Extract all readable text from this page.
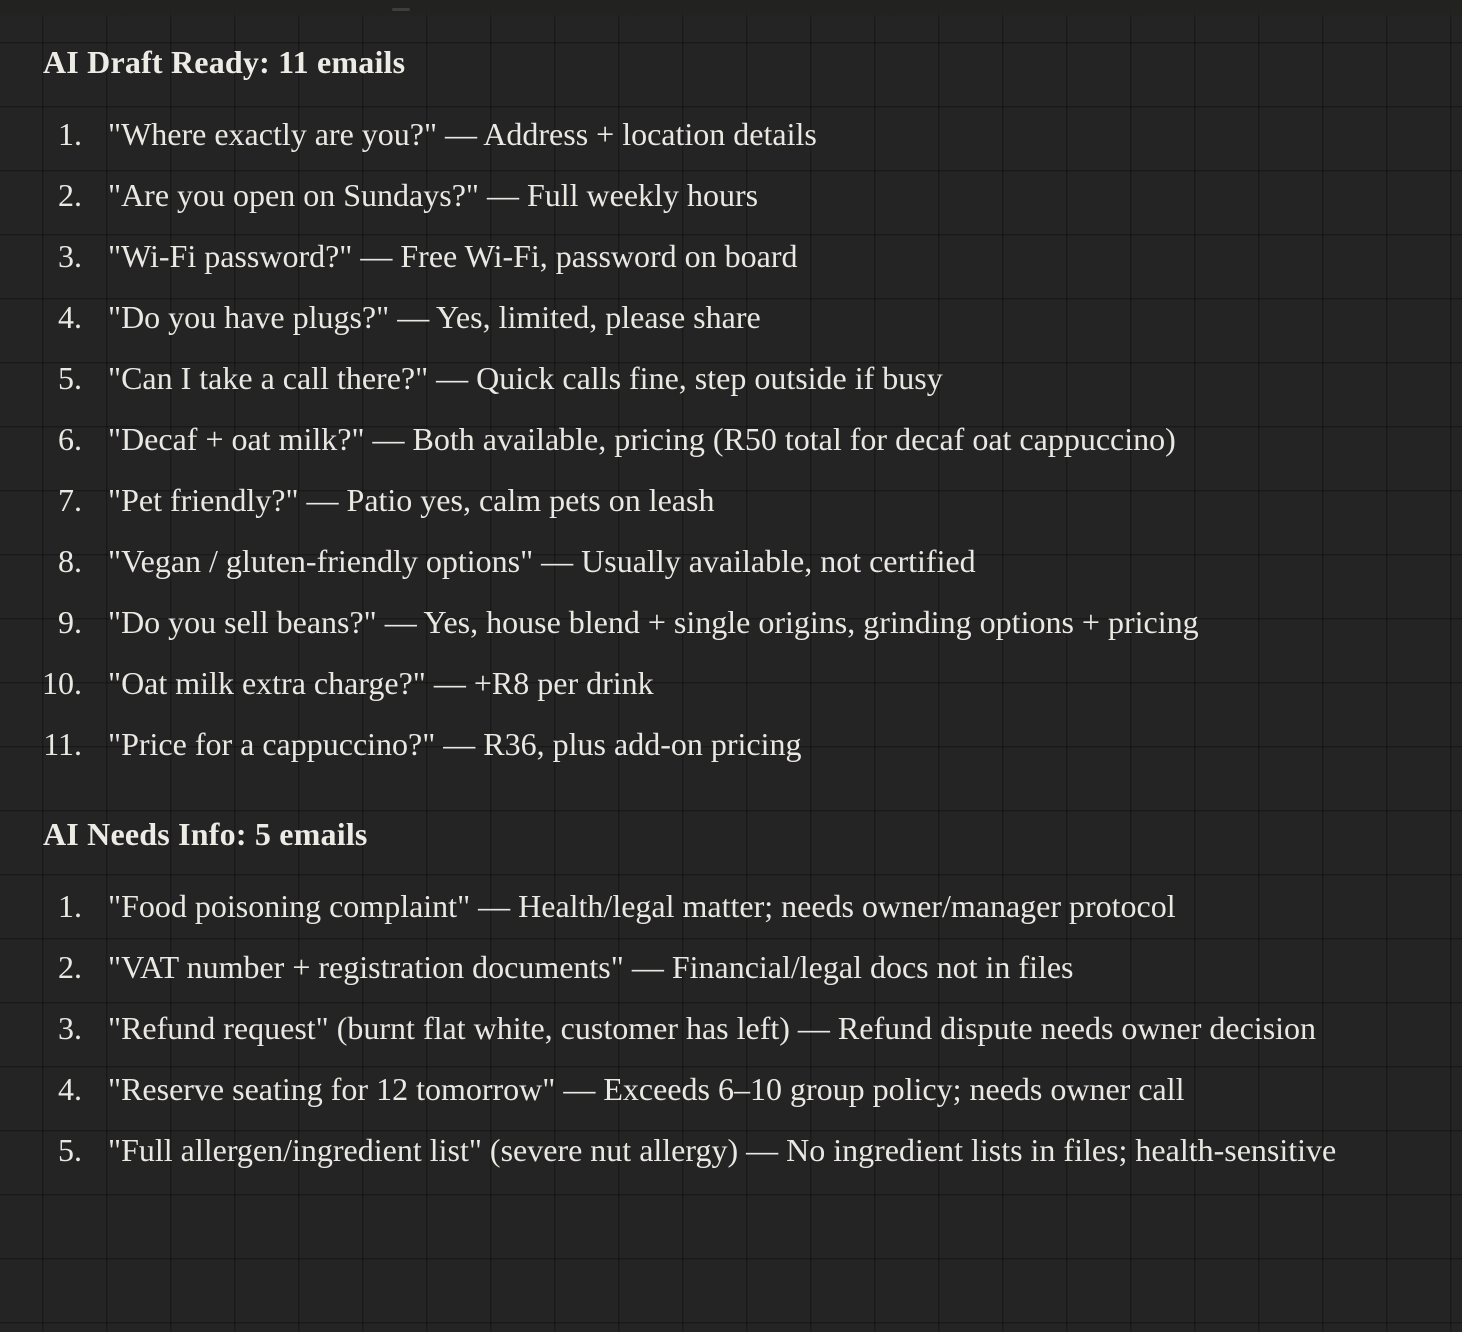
AI Draft Ready: 11 emails
"Where exactly are you?" — Address + location details
"Are you open on Sundays?" — Full weekly hours
"Wi-Fi password?" — Free Wi-Fi, password on board
"Do you have plugs?" — Yes, limited, please share
"Can I take a call there?" — Quick calls fine, step outside if busy
"Decaf + oat milk?" — Both available, pricing (R50 total for decaf oat cappuccino)
"Pet friendly?" — Patio yes, calm pets on leash
"Vegan / gluten-friendly options" — Usually available, not certified
"Do you sell beans?" — Yes, house blend + single origins, grinding options + pricing
"Oat milk extra charge?" — +R8 per drink
"Price for a cappuccino?" — R36, plus add-on pricing
AI Needs Info: 5 emails
"Food poisoning complaint" — Health/legal matter; needs owner/manager protocol
"VAT number + registration documents" — Financial/legal docs not in files
"Refund request" (burnt flat white, customer has left) — Refund dispute needs owner decision
"Reserve seating for 12 tomorrow" — Exceeds 6–10 group policy; needs owner call
"Full allergen/ingredient list" (severe nut allergy) — No ingredient lists in files; health-sensitive
